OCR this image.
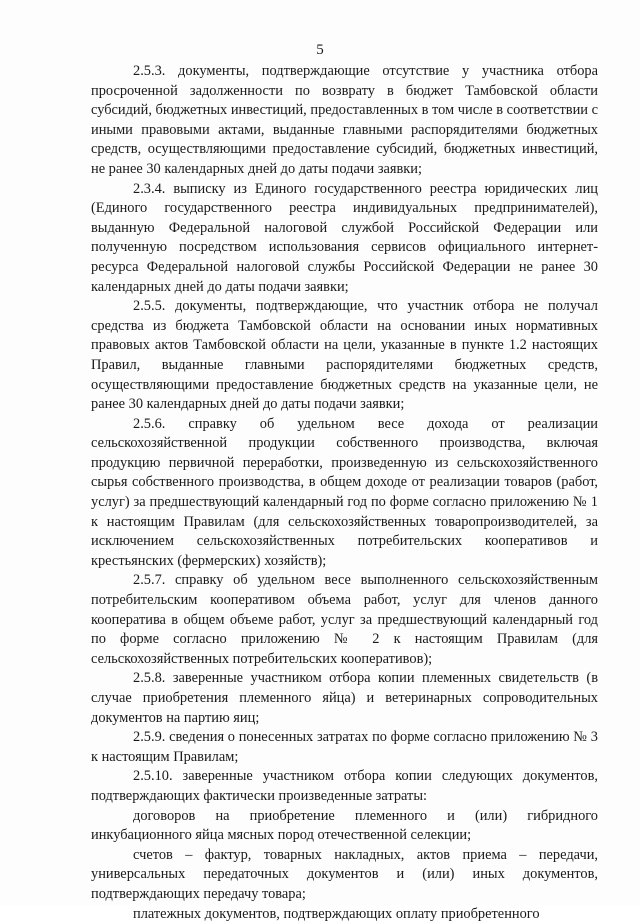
5

2.5.3. документы, подтверждающие отсутствие у участника отбора просроченной задолженности по возврату в бюджет Тамбовской области субсидий, бюджетных инвестиций, предоставленных в том числе в соответствии с иными правовыми актами, выданные главными распорядителями бюджетных средств, осуществляющими предоставление субсидий, бюджетных инвестиций, не ранее 30 календарных дней до даты подачи заявки;

2.3.4. выписку из Единого государственного реестра юридических лиц (Единого государственного реестра индивидуальных предпринимателей), выданную Федеральной налоговой службой Российской Федерации или полученную посредством использования сервисов официального интернет-ресурса Федеральной налоговой службы Российской Федерации не ранее 30 календарных дней до даты подачи заявки;

2.5.5. документы, подтверждающие, что участник отбора не получал средства из бюджета Тамбовской области на основании иных нормативных правовых актов Тамбовской области на цели, указанные в пункте 1.2 настоящих Правил, выданные главными распорядителями бюджетных средств, осуществляющими предоставление бюджетных средств на указанные цели, не ранее 30 календарных дней до даты подачи заявки;

2.5.6. справку об удельном весе дохода от реализации сельскохозяйственной продукции собственного производства, включая продукцию первичной переработки, произведенную из сельскохозяйственного сырья собственного производства, в общем доходе от реализации товаров (работ, услуг) за предшествующий календарный год по форме согласно приложению № 1 к настоящим Правилам (для сельскохозяйственных товаропроизводителей, за исключением сельскохозяйственных потребительских кооперативов и крестьянских (фермерских) хозяйств);

2.5.7. справку об удельном весе выполненного сельскохозяйственным потребительским кооперативом объема работ, услуг для членов данного кооператива в общем объеме работ, услуг за предшествующий календарный год по форме согласно приложению № 2 к настоящим Правилам (для сельскохозяйственных потребительских кооперативов);

2.5.8. заверенные участником отбора копии племенных свидетельств (в случае приобретения племенного яйца) и ветеринарных сопроводительных документов на партию яиц;

2.5.9. сведения о понесенных затратах по форме согласно приложению № 3 к настоящим Правилам;

2.5.10. заверенные участником отбора копии следующих документов, подтверждающих фактически произведенные затраты:

договоров на приобретение племенного и (или) гибридного инкубационного яйца мясных пород отечественной селекции;

счетов – фактур, товарных накладных, актов приема – передачи, универсальных передаточных документов и (или) иных документов, подтверждающих передачу товара;

платежных документов, подтверждающих оплату приобретенного
